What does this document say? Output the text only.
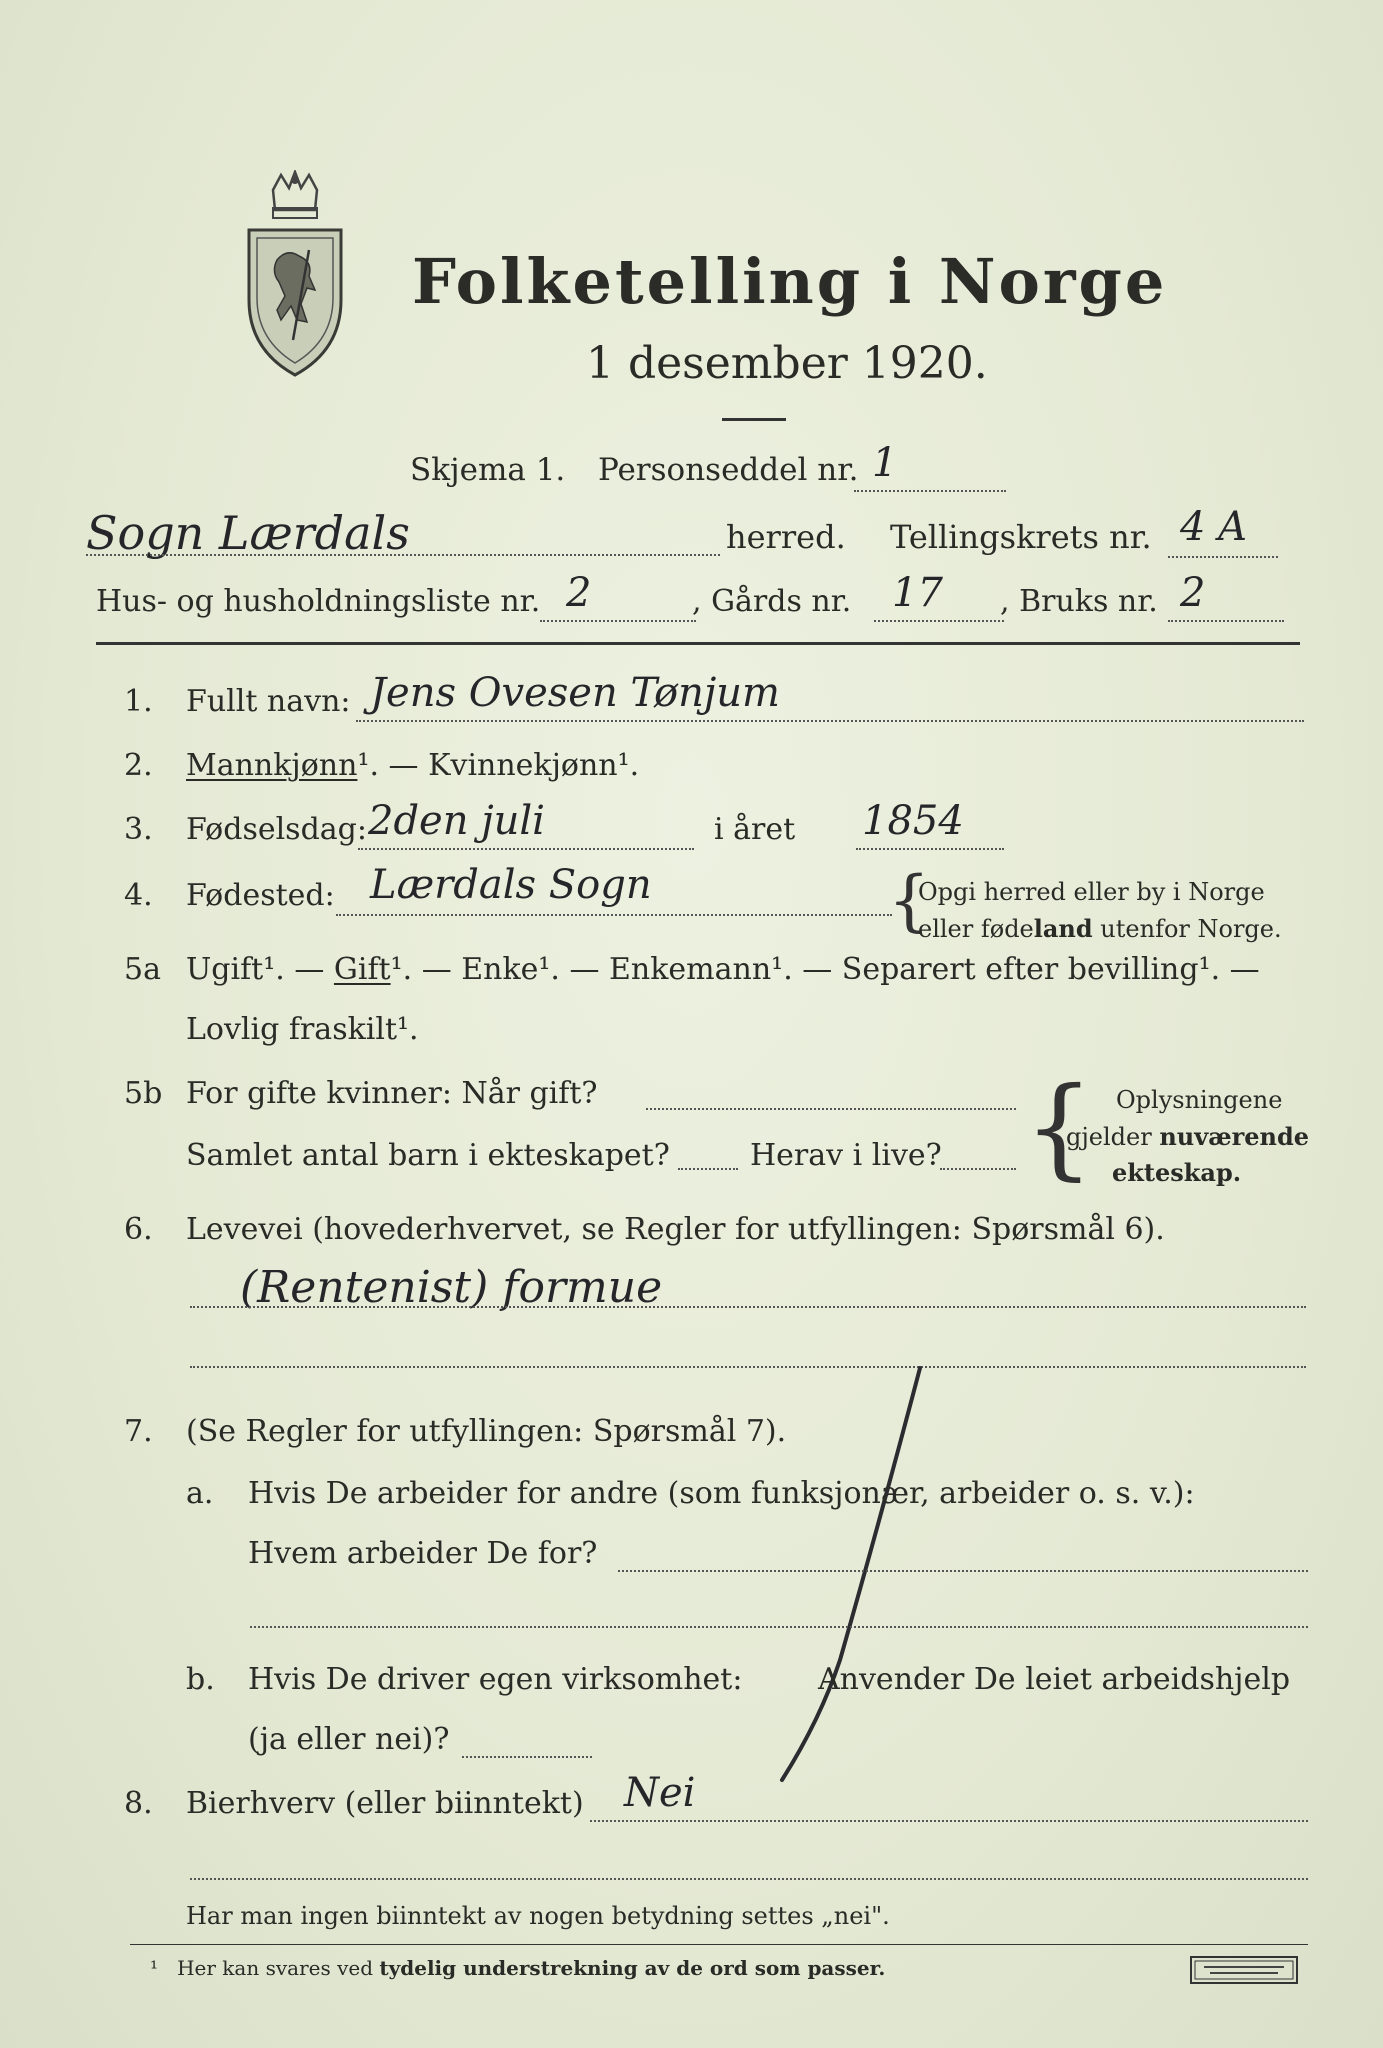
Folketelling i Norge
1 desember 1920.
Skjema 1. Personseddel nr. 1
Sogn Lærdals	herred. Tellingskrets nr. 4 A
Hus- og husholdningsliste nr. 2	, Gårds nr. 17 , Bruks nr. 2
1. Fullt navn: Jens Ovesen Tønjum
2. Mannkjønn¹. — Kvinnekjønn¹.
3. Fødselsdag: 2den juli	i året 1854
4. Fødested: Lærdals Sogn	{
Opgi herred eller by i Norge
eller fødeland utenfor Norge.
5a Ugift¹. — Gift¹. — Enke¹. — Enkemann¹. — Separert efter bevilling¹. —
Lovlig fraskilt¹.
5b For gifte kvinner: Når gift?
Samlet antal barn i ekteskapet?	Herav i live? { Oplysningene
gjelder nuværende
ekteskap.
6. Levevei (hovederhvervet, se Regler for utfyllingen: Spørsmål 6).
(Rentenist) formue
7. (Se Regler for utfyllingen: Spørsmål 7).
a. Hvis De arbeider for andre (som funksjonær, arbeider o. s. v.):
Hvem arbeider De for?
b. Hvis De driver egen virksomhet:	Anvender De leiet arbeidshjelp
(ja eller nei)?
8. Bierhverv (eller biinntekt) Nei
Har man ingen biinntekt av nogen betydning settes „nei".
¹ Her kan svares ved tydelig understrekning av de ord som passer.
